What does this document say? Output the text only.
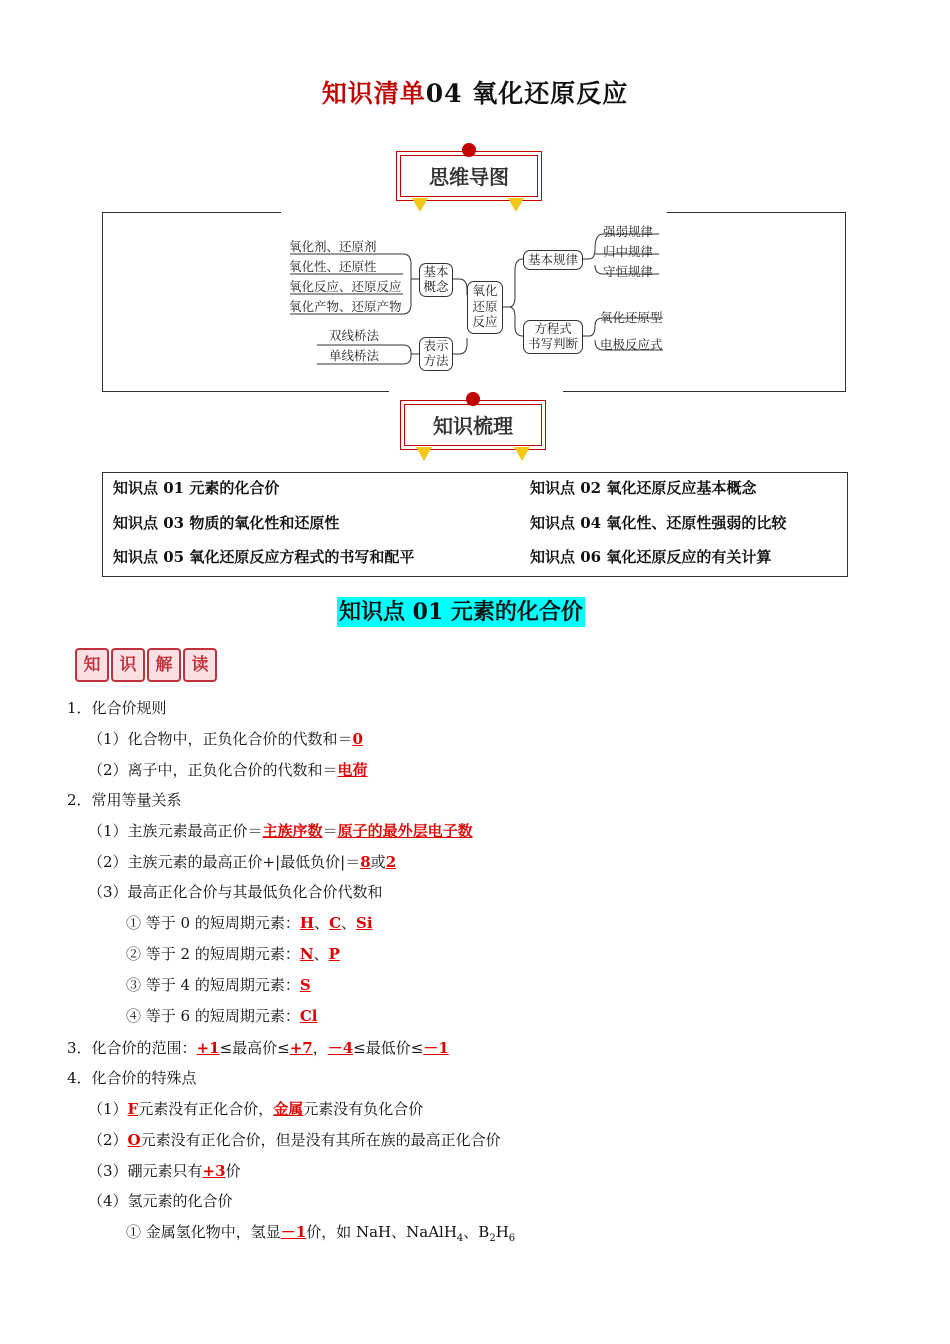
知识清单04 氧化还原反应
思维导图
氧化剂、还原剂
氧化性、还原性
氧化反应、还原反应
氧化产物、还原产物
基本
概念
双线桥法
单线桥法
表示
方法
氧化
还原
反应
基本规律
强弱规律
归中规律
守恒规律
方程式
书写判断
氧化还原型
电极反应式
知识梳理
知识点 01 元素的化合价	知识点 02 氧化还原反应基本概念
知识点 03 物质的氧化性和还原性	知识点 04 氧化性、还原性强弱的比较
知识点 05 氧化还原反应方程式的书写和配平	知识点 06 氧化还原反应的有关计算
知识点 01 元素的化合价
知	识	解	读
1．化合价规则
（1）化合物中，正负化合价的代数和＝0
（2）离子中，正负化合价的代数和＝电荷
2．常用等量关系
（1）主族元素最高正价＝主族序数＝原子的最外层电子数
（2）主族元素的最高正价+|最低负价|＝8或2
（3）最高正化合价与其最低负化合价代数和
① 等于 0 的短周期元素：H、C、Si
② 等于 2 的短周期元素：N、P
③ 等于 4 的短周期元素：S
④ 等于 6 的短周期元素：Cl
3．化合价的范围：+1≤最高价≤+7，－4≤最低价≤－1
4．化合价的特殊点
（1）F元素没有正化合价，金属元素没有负化合价
（2）O元素没有正化合价，但是没有其所在族的最高正化合价
（3）硼元素只有+3价
（4）氢元素的化合价
① 金属氢化物中，氢显－1价，如 NaH、NaAlH$_4$、$B_2H_6$
